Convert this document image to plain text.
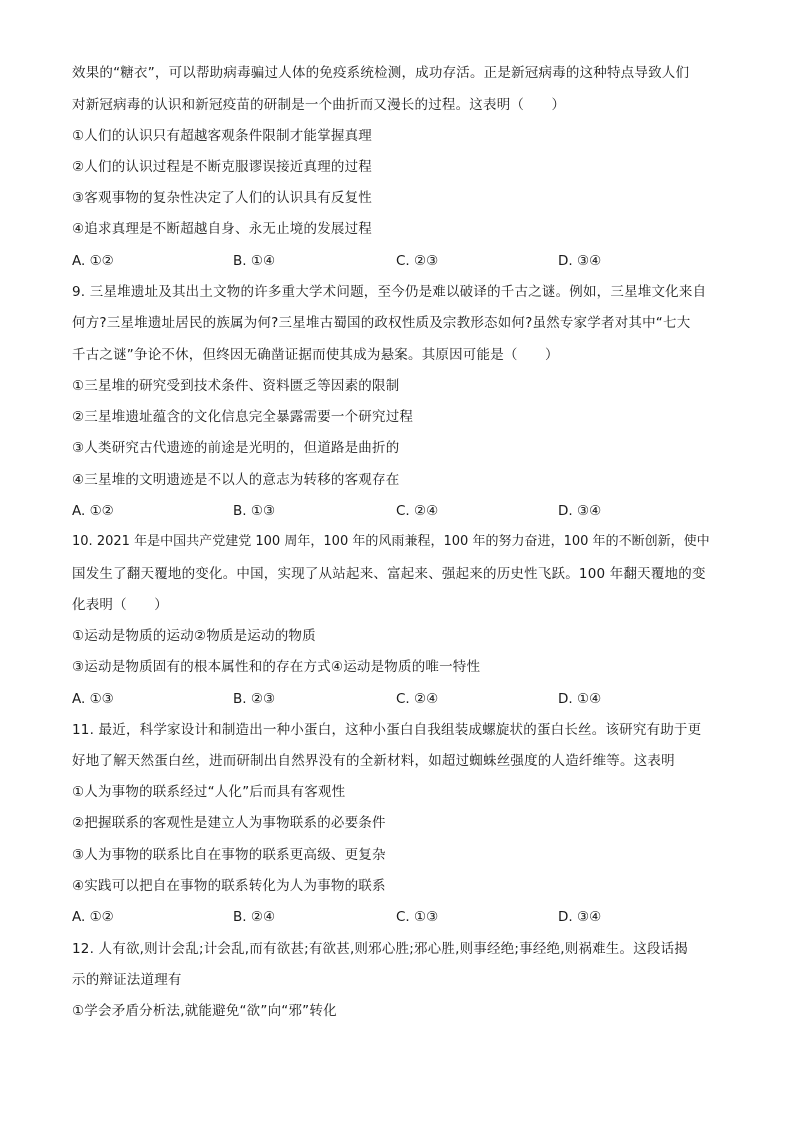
效果的“糖衣”，可以帮助病毒骗过人体的免疫系统检测，成功存活。正是新冠病毒的这种特点导致人们
对新冠病毒的认识和新冠疫苗的研制是一个曲折而又漫长的过程。这表明（　　）
①人们的认识只有超越客观条件限制才能掌握真理
②人们的认识过程是不断克服谬误接近真理的过程
③客观事物的复杂性决定了人们的认识具有反复性
④追求真理是不断超越自身、永无止境的发展过程
A. ①②	B. ①④	C. ②③	D. ③④
9. 三星堆遗址及其出土文物的许多重大学术问题，至今仍是难以破译的千古之谜。例如，三星堆文化来自
何方?三星堆遗址居民的族属为何?三星堆古蜀国的政权性质及宗教形态如何?虽然专家学者对其中“七大
千古之谜”争论不休，但终因无确凿证据而使其成为悬案。其原因可能是（　　）
①三星堆的研究受到技术条件、资料匮乏等因素的限制
②三星堆遗址蕴含的文化信息完全暴露需要一个研究过程
③人类研究古代遗迹的前途是光明的，但道路是曲折的
④三星堆的文明遗迹是不以人的意志为转移的客观存在
A. ①②	B. ①③	C. ②④	D. ③④
10. 2021 年是中国共产党建党 100 周年，100 年的风雨兼程，100 年的努力奋进，100 年的不断创新，使中
国发生了翻天覆地的变化。中国，实现了从站起来、富起来、强起来的历史性飞跃。100 年翻天覆地的变
化表明（　　）
①运动是物质的运动②物质是运动的物质
③运动是物质固有的根本属性和的存在方式④运动是物质的唯一特性
A. ①③	B. ②③	C. ②④	D. ①④
11. 最近，科学家设计和制造出一种小蛋白，这种小蛋白自我组装成螺旋状的蛋白长丝。该研究有助于更
好地了解天然蛋白丝，进而研制出自然界没有的全新材料，如超过蜘蛛丝强度的人造纤维等。这表明
①人为事物的联系经过“人化”后而具有客观性
②把握联系的客观性是建立人为事物联系的必要条件
③人为事物的联系比自在事物的联系更高级、更复杂
④实践可以把自在事物的联系转化为人为事物的联系
A. ①②	B. ②④	C. ①③	D. ③④
12. 人有欲,则计会乱;计会乱,而有欲甚;有欲甚,则邪心胜;邪心胜,则事经绝;事经绝,则祸难生。这段话揭
示的辩证法道理有
①学会矛盾分析法,就能避免“欲”向“邪”转化
